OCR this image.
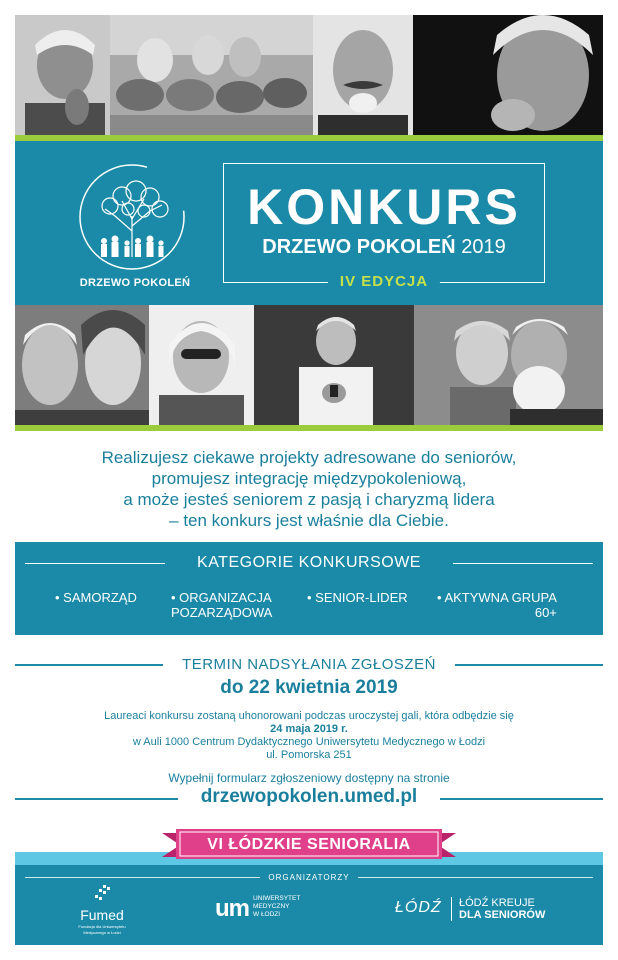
DRZEWO POKOLEŃ
KONKURS
DRZEWO POKOLEŃ 2019
IV EDYCJA
Realizujesz ciekawe projekty adresowane do seniorów,
promujesz integrację międzypokoleniową,
a może jesteś seniorem z pasją i charyzmą lidera
– ten konkurs jest właśnie dla Ciebie.
KATEGORIE KONKURSOWE
• SAMORZĄD	• ORGANIZACJA
POZARZĄDOWA
• SENIOR-LIDER • AKTYWNA GRUPA
60+
TERMIN NADSYŁANIA ZGŁOSZEŃ
do 22 kwietnia 2019
Laureaci konkursu zostaną uhonorowani podczas uroczystej gali, która odbędzie się
24 maja 2019 r.
w Auli 1000 Centrum Dydaktycznego Uniwersytetu Medycznego w Łodzi
ul. Pomorska 251
Wypełnij formularz zgłoszeniowy dostępny na stronie
drzewopokolen.umed.pl
ORGANIZATORZY
Fumed
Fundacja dla Uniwersytetu Medycznego w Łodzi
um UNIWERSYTET
MEDYCZNY
W ŁODZI	ŁÓDŹ ŁÓDŹ KREUJE
DLA SENIORÓW
VI ŁÓDZKIE SENIORALIA
